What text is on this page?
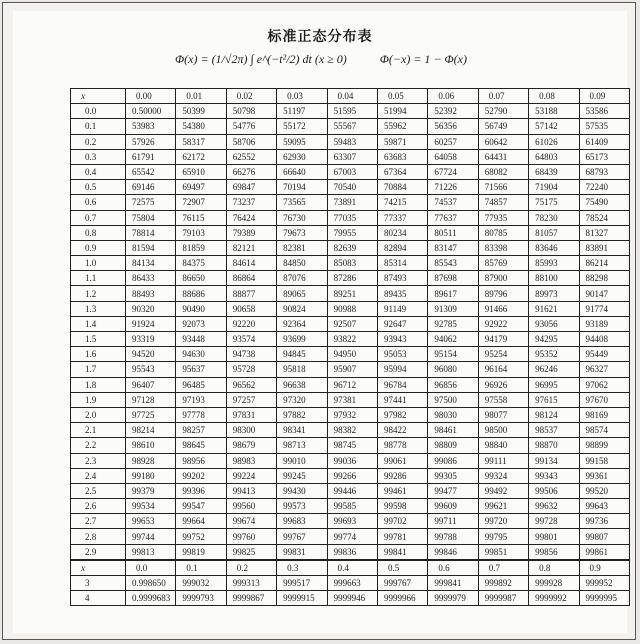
标准正态分布表
Φ(x) = (1/√2π) ∫ e^(−t²/2) dt (x ≥ 0)	Φ(−x) = 1 − Φ(x)
x	0.00	0.01	0.02	0.03	0.04	0.05	0.06	0.07	0.08	0.09
0.0	0.50000	50399	50798	51197	51595	51994	52392	52790	53188	53586
0.1	53983	54380	54776	55172	55567	55962	56356	56749	57142	57535
0.2	57926	58317	58706	59095	59483	59871	60257	60642	61026	61409
0.3	61791	62172	62552	62930	63307	63683	64058	64431	64803	65173
0.4	65542	65910	66276	66640	67003	67364	67724	68082	68439	68793
0.5	69146	69497	69847	70194	70540	70884	71226	71566	71904	72240
0.6	72575	72907	73237	73565	73891	74215	74537	74857	75175	75490
0.7	75804	76115	76424	76730	77035	77337	77637	77935	78230	78524
0.8	78814	79103	79389	79673	79955	80234	80511	80785	81057	81327
0.9	81594	81859	82121	82381	82639	82894	83147	83398	83646	83891
1.0	84134	84375	84614	84850	85083	85314	85543	85769	85993	86214
1.1	86433	86650	86864	87076	87286	87493	87698	87900	88100	88298
1.2	88493	88686	88877	89065	89251	89435	89617	89796	89973	90147
1.3	90320	90490	90658	90824	90988	91149	91309	91466	91621	91774
1.4	91924	92073	92220	92364	92507	92647	92785	92922	93056	93189
1.5	93319	93448	93574	93699	93822	93943	94062	94179	94295	94408
1.6	94520	94630	94738	94845	94950	95053	95154	95254	95352	95449
1.7	95543	95637	95728	95818	95907	95994	96080	96164	96246	96327
1.8	96407	96485	96562	96638	96712	96784	96856	96926	96995	97062
1.9	97128	97193	97257	97320	97381	97441	97500	97558	97615	97670
2.0	97725	97778	97831	97882	97932	97982	98030	98077	98124	98169
2.1	98214	98257	98300	98341	98382	98422	98461	98500	98537	98574
2.2	98610	98645	98679	98713	98745	98778	98809	98840	98870	98899
2.3	98928	98956	98983	99010	99036	99061	99086	99111	99134	99158
2.4	99180	99202	99224	99245	99266	99286	99305	99324	99343	99361
2.5	99379	99396	99413	99430	99446	99461	99477	99492	99506	99520
2.6	99534	99547	99560	99573	99585	99598	99609	99621	99632	99643
2.7	99653	99664	99674	99683	99693	99702	99711	99720	99728	99736
2.8	99744	99752	99760	99767	99774	99781	99788	99795	99801	99807
2.9	99813	99819	99825	99831	99836	99841	99846	99851	99856	99861
x	0.0	0.1	0.2	0.3	0.4	0.5	0.6	0.7	0.8	0.9
3	0.998650	999032	999313	999517	999663	999767	999841	999892	999928	999952
4	0.9999683	9999793	9999867	9999915	9999946	9999966	9999979	9999987	9999992	9999995
